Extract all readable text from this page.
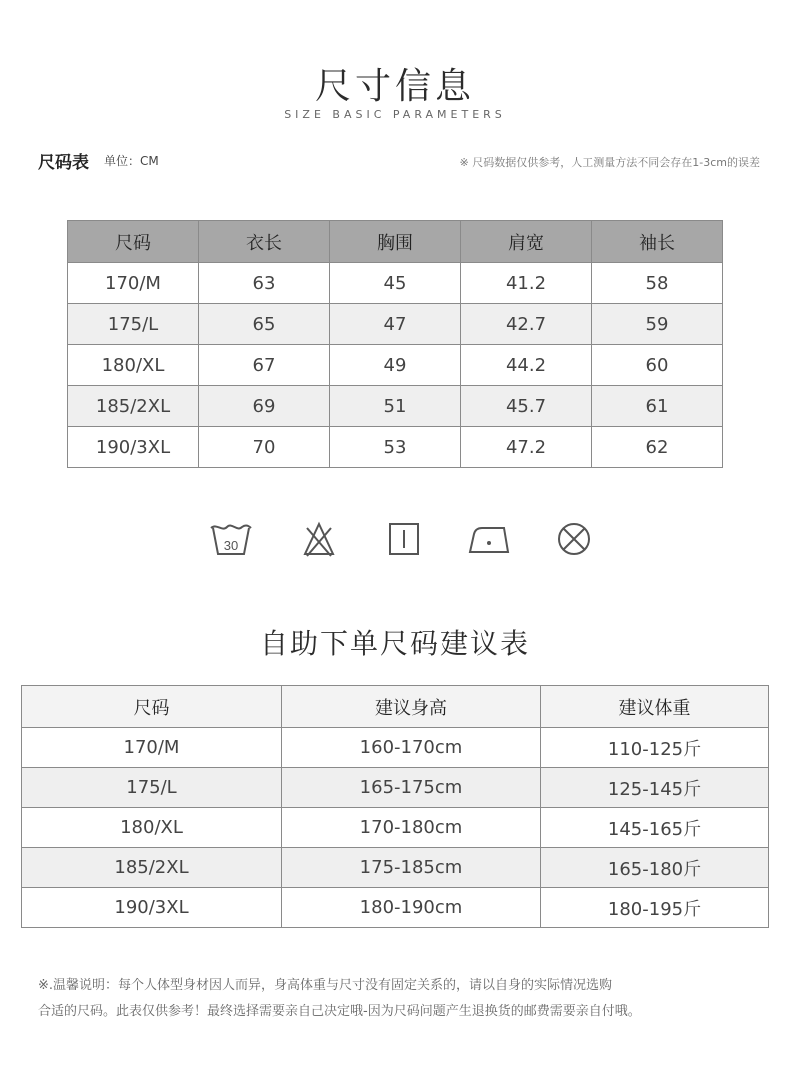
尺寸信息
SIZE BASIC PARAMETERS
尺码表 单位：CM	※ 尺码数据仅供参考，人工测量方法不同会存在1-3cm的误差
尺码	衣长	胸围	肩宽	袖长
170/M	63	45	41.2	58
175/L	65	47	42.7	59
180/XL	67	49	44.2	60
185/2XL	69	51	45.7	61
190/3XL	70	53	47.2	62
30
自助下单尺码建议表
尺码	建议身高	建议体重
170/M	160-170cm	110-125斤
175/L	165-175cm	125-145斤
180/XL	170-180cm	145-165斤
185/2XL	175-185cm	165-180斤
190/3XL	180-190cm	180-195斤
※.温馨说明：每个人体型身材因人而异，身高体重与尺寸没有固定关系的，请以自身的实际情况选购
合适的尺码。此表仅供参考！最终选择需要亲自己决定哦-因为尺码问题产生退换货的邮费需要亲自付哦。
